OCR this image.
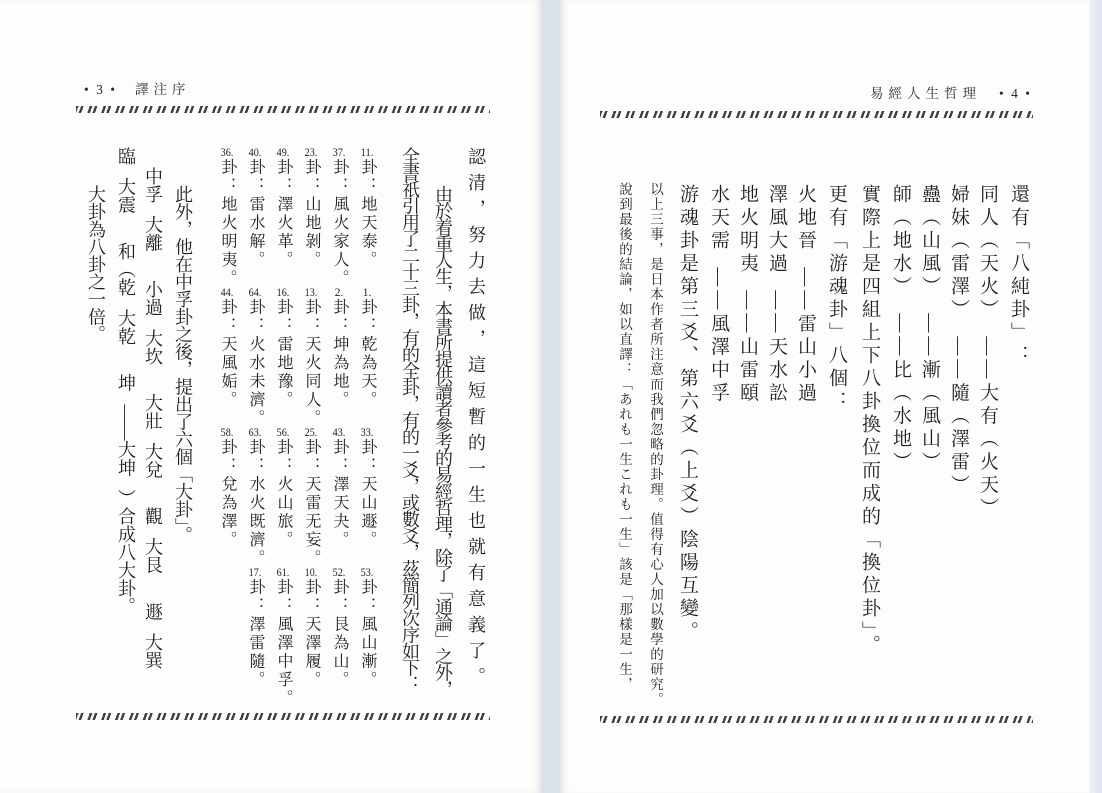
• 3 • 譯注序
認清，努力去做，這短暫的一生也就有意義了。
由於着重人生，本書所提供讀者參考的易經哲理，除了「通論」之外，全書祇引用了二十三卦，有的全卦，有的一爻，或數爻，茲簡列次序如下：
11.卦：地天泰。
1.卦：乾為天。
33.卦：天山遯。
53.卦：風山漸。
37.卦：風火家人。
2.卦：坤為地。
43.卦：澤天夬。
52.卦：艮為山。
23.卦：山地剝。
13.卦：天火同人。
25.卦：天雷无妄。
10.卦：天澤履。
49.卦：澤火革。
16.卦：雷地豫。
56.卦：火山旅。
61.卦：風澤中孚。
40.卦：雷水解。
64.卦：火水未濟。
63.卦：水火既濟。
17.卦：澤雷隨。
36.卦：地火明夷。
44.卦：天風姤。
58.卦：兌為澤。
此外，他在中孚卦之後，提出了六個「大卦」。
中孚
大離
小過
大坎
大壯
大兌
觀
大艮
遯
大巽
臨
大震
和（乾
大乾
坤
——大坤
）合成八大卦。
大卦為八卦之一倍。
易經人生哲理 • 4 •
還有「八純卦」：
同人（天火）
——大有（火天）
婦妹（雷澤）
——隨（澤雷）
蠱（山風）
——漸（風山）
師（地水）
——比（水地）
實際上是四組上下八卦換位而成的「換位卦」。
更有「游魂卦」八個：
火地晉
——雷山小過
澤風大過
——天水訟
地火明夷
——山雷頤
水天需
——風澤中孚
游魂卦是第三爻、第六爻（上爻）陰陽互變。
以上三事，是日本作者所注意而我們忽略的卦理。值得有心人加以數學的研究。
說到最後的結論，如以直譯：「あれも一生これも一生」該是「那樣是一生，
